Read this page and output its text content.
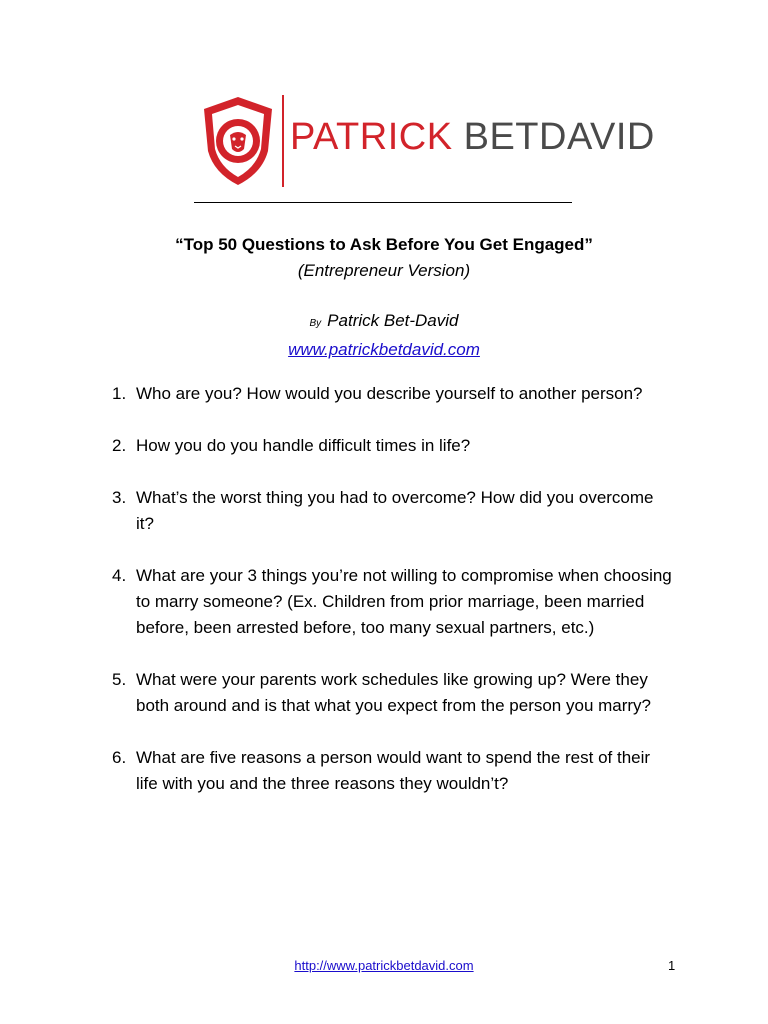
PATRICK BETDAVID
“Top 50 Questions to Ask Before You Get Engaged”
(Entrepreneur Version)
By Patrick Bet-David
www.patrickbetdavid.com
1. Who are you? How would you describe yourself to another person?
2. How you do you handle difficult times in life?
3. What’s the worst thing you had to overcome? How did you overcome it?
4. What are your 3 things you’re not willing to compromise when choosing to marry someone? (Ex. Children from prior marriage, been married before, been arrested before, too many sexual partners, etc.)
5. What were your parents work schedules like growing up? Were they both around and is that what you expect from the person you marry?
6. What are five reasons a person would want to spend the rest of their life with you and the three reasons they wouldn’t?
http://www.patrickbetdavid.com	1
